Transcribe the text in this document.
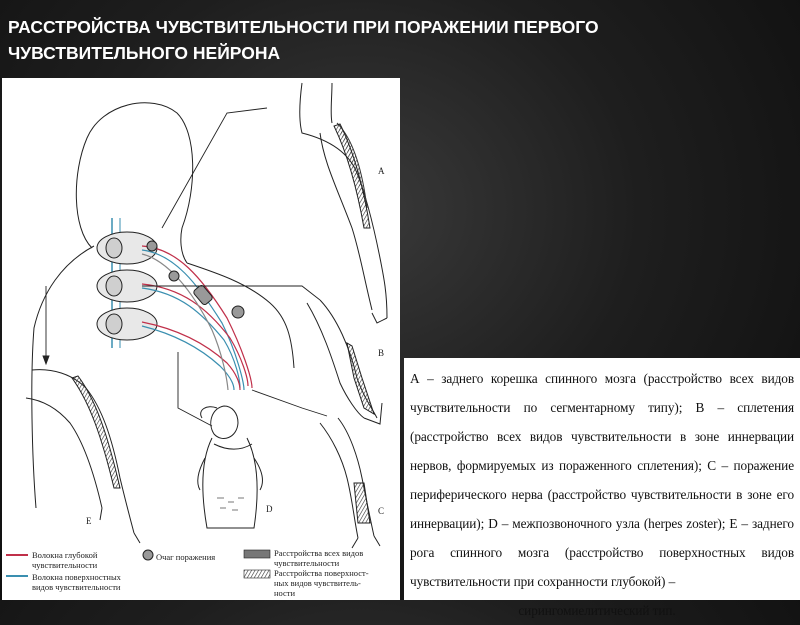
РАССТРОЙСТВА ЧУВСТВИТЕЛЬНОСТИ ПРИ ПОРАЖЕНИИ ПЕРВОГО
ЧУВСТВИТЕЛЬНОГО НЕЙРОНА
A
B
C
D
E
Волокна глубокой
чувствительности
Волокна поверхностных
видов чувствительности
Очаг поражения	Расстройства всех видов
чувствительности
Расстройства поверхност-
ных видов чувствитель-
ности
А – заднего корешка спинного мозга (расстройство всех видов чувствительности по сегментарному типу); В – сплетения (расстройство всех видов чувствительности в зоне иннервации нервов, формируемых из пораженного сплетения); С – поражение периферического нерва (расстройство чувствительности в зоне его иннервации); D – межпозвоночного узла (herpes zoster); Е – заднего рога спинного мозга (расстройство поверхностных видов чувствительности при сохранности глубокой) –
сирингомиелитический тип.
